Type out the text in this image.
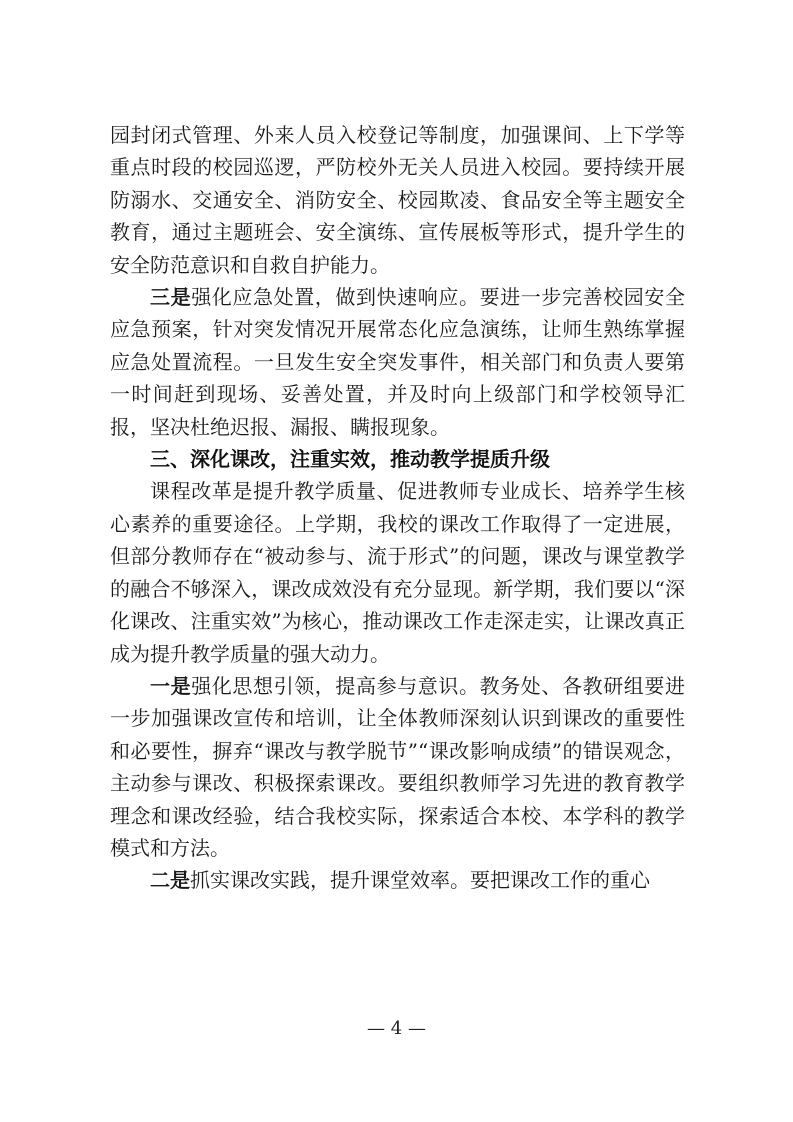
园封闭式管理、外来人员入校登记等制度，加强课间、上下学等重点时段的校园巡逻，严防校外无关人员进入校园。要持续开展防溺水、交通安全、消防安全、校园欺凌、食品安全等主题安全教育，通过主题班会、安全演练、宣传展板等形式，提升学生的安全防范意识和自救自护能力。

三是强化应急处置，做到快速响应。要进一步完善校园安全应急预案，针对突发情况开展常态化应急演练，让师生熟练掌握应急处置流程。一旦发生安全突发事件，相关部门和负责人要第一时间赶到现场、妥善处置，并及时向上级部门和学校领导汇报，坚决杜绝迟报、漏报、瞒报现象。

三、深化课改，注重实效，推动教学提质升级

课程改革是提升教学质量、促进教师专业成长、培养学生核心素养的重要途径。上学期，我校的课改工作取得了一定进展，但部分教师存在“被动参与、流于形式”的问题，课改与课堂教学的融合不够深入，课改成效没有充分显现。新学期，我们要以“深化课改、注重实效”为核心，推动课改工作走深走实，让课改真正成为提升教学质量的强大动力。

一是强化思想引领，提高参与意识。教务处、各教研组要进一步加强课改宣传和培训，让全体教师深刻认识到课改的重要性和必要性，摒弃“课改与教学脱节”“课改影响成绩”的错误观念，主动参与课改、积极探索课改。要组织教师学习先进的教育教学理念和课改经验，结合我校实际，探索适合本校、本学科的教学模式和方法。

二是抓实课改实践，提升课堂效率。要把课改工作的重心

— 4 —
